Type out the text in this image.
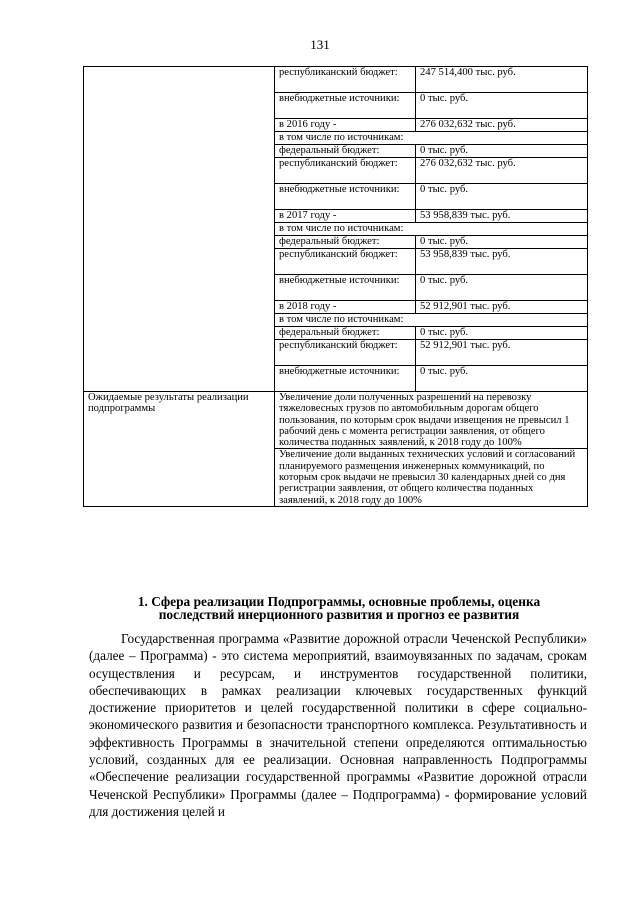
131
	республиканский бюджет:	247 514,400 тыс. руб.
	внебюджетные источники:	0 тыс. руб.
	в 2016 году -	276 032,632 тыс. руб.
	в том числе по источникам:	
	федеральный бюджет:	0 тыс. руб.
	республиканский бюджет:	276 032,632 тыс. руб.
	внебюджетные источники:	0 тыс. руб.
	в 2017 году -	53 958,839 тыс. руб.
	в том числе по источникам:	
	федеральный бюджет:	0 тыс. руб.
	республиканский бюджет:	53 958,839 тыс. руб.
	внебюджетные источники:	0 тыс. руб.
	в 2018 году -	52 912,901 тыс. руб.
	в том числе по источникам:	
	федеральный бюджет:	0 тыс. руб.
	республиканский бюджет:	52 912,901 тыс. руб.
	внебюджетные источники:	0 тыс. руб.
Ожидаемые результаты реализации подпрограммы	Увеличение доли полученных разрешений на перевозку тяжеловесных грузов по автомобильным дорогам общего пользования, по которым срок выдачи извещения не превысил 1 рабочий день с момента регистрации заявления, от общего количества поданных заявлений, к 2018 году до 100%	
	Увеличение доли выданных технических условий и согласований планируемого размещения инженерных коммуникаций, по которым срок выдачи не превысил 30 календарных дней со дня регистрации заявления, от общего количества поданных заявлений, к 2018 году до 100%	
1. Сфера реализации Подпрограммы, основные проблемы, оценка последствий инерционного развития и прогноз ее развития

Государственная программа «Развитие дорожной отрасли Чеченской Республики» (далее – Программа) - это система мероприятий, взаимоувязанных по задачам, срокам осуществления и ресурсам, и инструментов государственной политики, обеспечивающих в рамках реализации ключевых государственных функций достижение приоритетов и целей государственной политики в сфере социально-экономического развития и безопасности транспортного комплекса. Результативность и эффективность Программы в значительной степени определяются оптимальностью условий, созданных для ее реализации. Основная направленность Подпрограммы «Обеспечение реализации государственной программы «Развитие дорожной отрасли Чеченской Республики» Программы (далее – Подпрограмма) - формирование условий для достижения целей и
